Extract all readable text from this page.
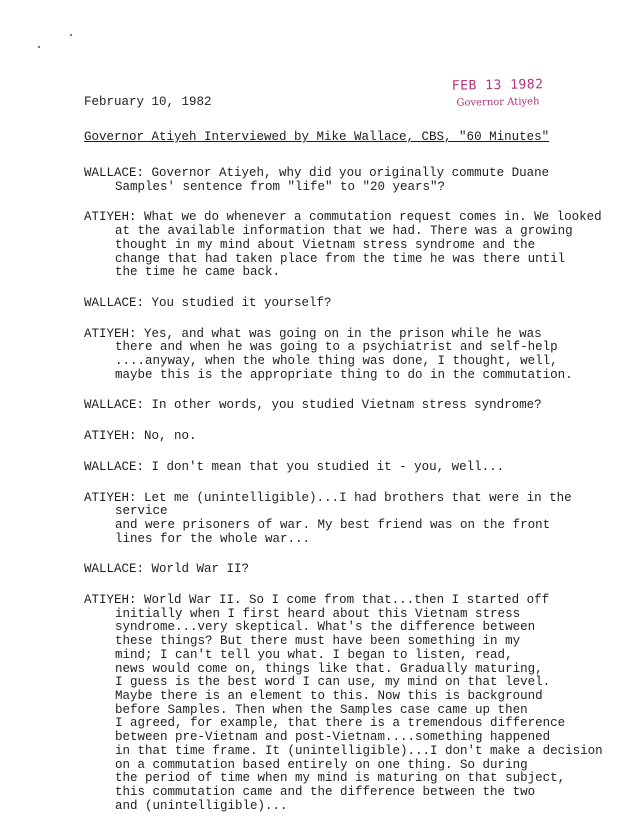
FEB 13 1982
Governor Atiyeh
February 10, 1982
Governor Atiyeh Interviewed by Mike Wallace, CBS, "60 Minutes"

WALLACE: Governor Atiyeh, why did you originally commute Duane
Samples' sentence from "life" to "20 years"?

ATIYEH: What we do whenever a commutation request comes in. We looked
at the available information that we had. There was a growing
thought in my mind about Vietnam stress syndrome and the
change that had taken place from the time he was there until
the time he came back.

WALLACE: You studied it yourself?

ATIYEH: Yes, and what was going on in the prison while he was
there and when he was going to a psychiatrist and self-help
....anyway, when the whole thing was done, I thought, well,
maybe this is the appropriate thing to do in the commutation.

WALLACE: In other words, you studied Vietnam stress syndrome?

ATIYEH: No, no.

WALLACE: I don't mean that you studied it - you, well...

ATIYEH: Let me (unintelligible)...I had brothers that were in the service
and were prisoners of war. My best friend was on the front
lines for the whole war...

WALLACE: World War II?

ATIYEH: World War II. So I come from that...then I started off
initially when I first heard about this Vietnam stress
syndrome...very skeptical. What's the difference between
these things? But there must have been something in my
mind; I can't tell you what. I began to listen, read,
news would come on, things like that. Gradually maturing,
I guess is the best word I can use, my mind on that level.
Maybe there is an element to this. Now this is background
before Samples. Then when the Samples case came up then
I agreed, for example, that there is a tremendous difference
between pre-Vietnam and post-Vietnam....something happened
in that time frame. It (unintelligible)...I don't make a decision
on a commutation based entirely on one thing. So during
the period of time when my mind is maturing on that subject,
this commutation came and the difference between the two
and (unintelligible)...
